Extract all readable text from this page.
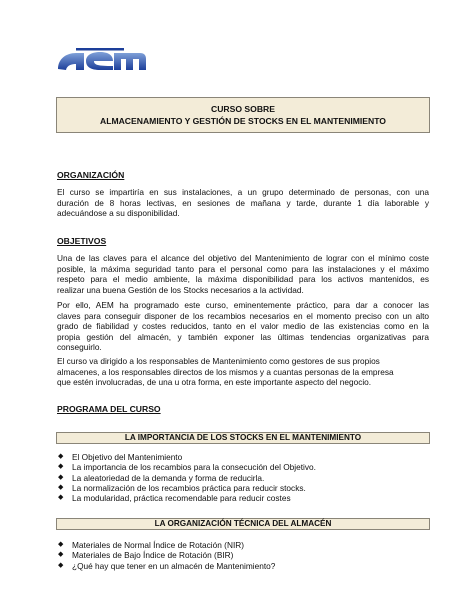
CURSO SOBRE
ALMACENAMIENTO Y GESTIÓN DE STOCKS EN EL MANTENIMIENTO
ORGANIZACIÓN
El curso se impartiría en sus instalaciones, a un grupo determinado de personas, con una
duración de 8 horas lectivas, en sesiones de mañana y tarde, durante 1 día laborable y
adecuándose a su disponibilidad.
OBJETIVOS
Una de las claves para el alcance del objetivo del Mantenimiento de lograr con el mínimo coste
posible, la máxima seguridad tanto para el personal como para las instalaciones y el máximo
respeto para el medio ambiente, la máxima disponibilidad para los activos mantenidos, es
realizar una buena Gestión de los Stocks necesarios a la actividad.
Por ello, AEM ha programado este curso, eminentemente práctico, para dar a conocer las
claves para conseguir disponer de los recambios necesarios en el momento preciso con un alto
grado de fiabilidad y costes reducidos, tanto en el valor medio de las existencias como en la
propia gestión del almacén, y también exponer las últimas tendencias organizativas para
conseguirlo.
El curso va dirigido a los responsables de Mantenimiento como gestores de sus propios
almacenes, a los responsables directos de los mismos y a cuantas personas de la empresa
que estén involucradas, de una u otra forma, en este importante aspecto del negocio.
PROGRAMA DEL CURSO
LA IMPORTANCIA DE LOS STOCKS EN EL MANTENIMIENTO
◆ El Objetivo del Mantenimiento
◆ La importancia de los recambios para la consecución del Objetivo.
◆ La aleatoriedad de la demanda y forma de reducirla.
◆ La normalización de los recambios práctica para reducir stocks.
◆ La modularidad, práctica recomendable para reducir costes
LA ORGANIZACIÓN TÉCNICA DEL ALMACÉN
◆ Materiales de Normal Índice de Rotación (NIR)
◆ Materiales de Bajo Índice de Rotación (BIR)
◆ ¿Qué hay que tener en un almacén de Mantenimiento?
